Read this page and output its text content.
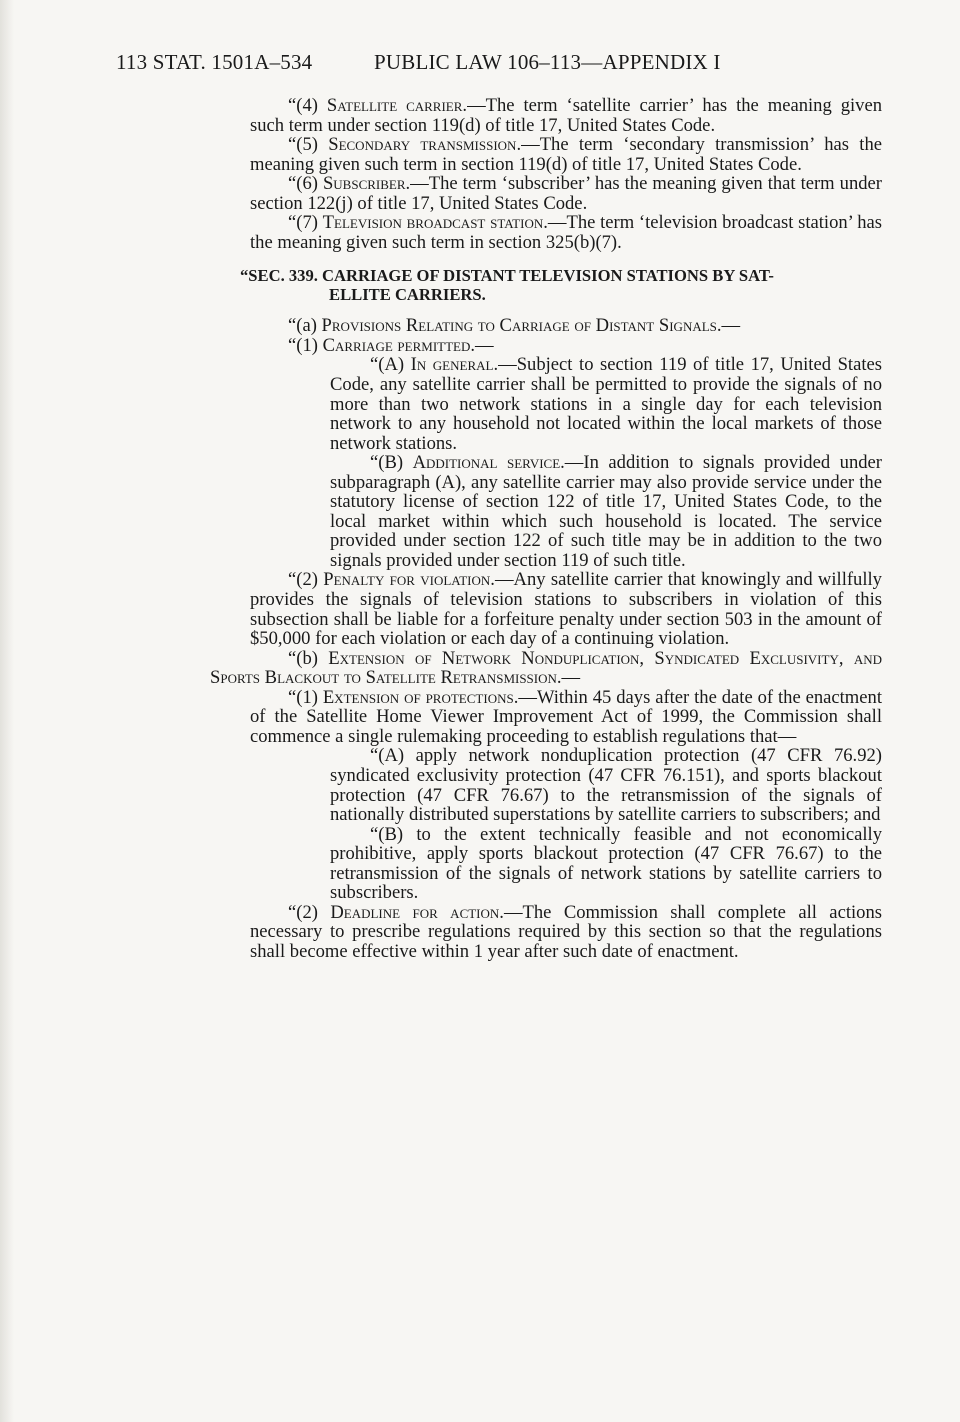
113 STAT. 1501A–534	PUBLIC LAW 106–113—APPENDIX I

“(4) Satellite carrier.—The term ‘satellite carrier’ has the meaning given such term under section 119(d) of title 17, United States Code.

“(5) Secondary transmission.—The term ‘secondary transmission’ has the meaning given such term in section 119(d) of title 17, United States Code.

“(6) Subscriber.—The term ‘subscriber’ has the meaning given that term under section 122(j) of title 17, United States Code.

“(7) Television broadcast station.—The term ‘television broadcast station’ has the meaning given such term in section 325(b)(7).

“SEC. 339. CARRIAGE OF DISTANT TELEVISION STATIONS BY SAT-
ELLITE CARRIERS.

“(a) Provisions Relating to Carriage of Distant Signals.—

“(1) Carriage permitted.—

“(A) In general.—Subject to section 119 of title 17, United States Code, any satellite carrier shall be permitted to provide the signals of no more than two network stations in a single day for each television network to any household not located within the local markets of those network stations.

“(B) Additional service.—In addition to signals provided under subparagraph (A), any satellite carrier may also provide service under the statutory license of section 122 of title 17, United States Code, to the local market within which such household is located. The service provided under section 122 of such title may be in addition to the two signals provided under section 119 of such title.

“(2) Penalty for violation.—Any satellite carrier that knowingly and willfully provides the signals of television stations to subscribers in violation of this subsection shall be liable for a forfeiture penalty under section 503 in the amount of $50,000 for each violation or each day of a continuing violation.

“(b) Extension of Network Nonduplication, Syndicated Exclusivity, and Sports Blackout to Satellite Retransmission.—

“(1) Extension of protections.—Within 45 days after the date of the enactment of the Satellite Home Viewer Improvement Act of 1999, the Commission shall commence a single rulemaking proceeding to establish regulations that—

“(A) apply network nonduplication protection (47 CFR 76.92) syndicated exclusivity protection (47 CFR 76.151), and sports blackout protection (47 CFR 76.67) to the retransmission of the signals of nationally distributed superstations by satellite carriers to subscribers; and

“(B) to the extent technically feasible and not economically prohibitive, apply sports blackout protection (47 CFR 76.67) to the retransmission of the signals of network stations by satellite carriers to subscribers.

“(2) Deadline for action.—The Commission shall complete all actions necessary to prescribe regulations required by this section so that the regulations shall become effective within 1 year after such date of enactment.
